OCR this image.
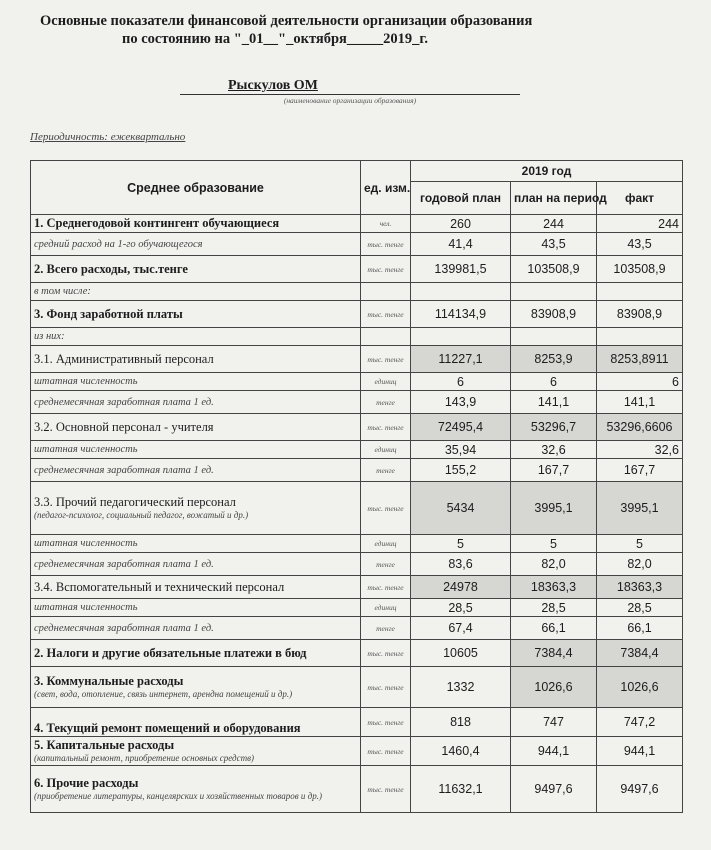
Основные показатели финансовой деятельности организации образования
по состоянию на "_01__"_октября_____2019_г.
Рыскулов ОМ
(наименование организации образования)
Периодичность: ежеквартально
Среднее образование	ед. изм.	2019 год		
		годовой план	план на период	факт
1. Среднегодовой контингент обучающиеся	чел.	260	244	244
средний расход на 1-го обучающегося	тыс. тенге	41,4	43,5	43,5
2. Всего расходы, тыс.тенге	тыс. тенге	139981,5	103508,9	103508,9
в том числе:				
3. Фонд заработной платы	тыс. тенге	114134,9	83908,9	83908,9
из них:				
3.1. Административный персонал	тыс. тенге	11227,1	8253,9	8253,8911
штатная численность	единиц	6	6	6
среднемесячная заработная плата 1 ед.	тенге	143,9	141,1	141,1
3.2. Основной персонал - учителя	тыс. тенге	72495,4	53296,7	53296,6606
штатная численность	единиц	35,94	32,6	32,6
среднемесячная заработная плата 1 ед.	тенге	155,2	167,7	167,7
3.3. Прочий педагогический персонал
(педагог-психолог, социальный педагог, вожатый и др.)	тыс. тенге	5434	3995,1	3995,1
штатная численность	единиц	5	5	5
среднемесячная заработная плата 1 ед.	тенге	83,6	82,0	82,0
3.4. Вспомогательный и технический персонал	тыс. тенге	24978	18363,3	18363,3
штатная численность	единиц	28,5	28,5	28,5
среднемесячная заработная плата 1 ед.	тенге	67,4	66,1	66,1
2. Налоги и другие обязательные платежи в бюд	тыс. тенге	10605	7384,4	7384,4
3. Коммунальные расходы
(свет, вода, отопление, связь интернет, арендна помещений и др.)	тыс. тенге	1332	1026,6	1026,6
4. Текущий ремонт помещений и оборудования	тыс. тенге	818	747	747,2
5. Капитальные расходы
(капитальный ремонт, приобретение основных средств)	тыс. тенге	1460,4	944,1	944,1
6. Прочие расходы
(приобретение литературы, канцелярских и хозяйственных товаров и др.)	тыс. тенге	11632,1	9497,6	9497,6
